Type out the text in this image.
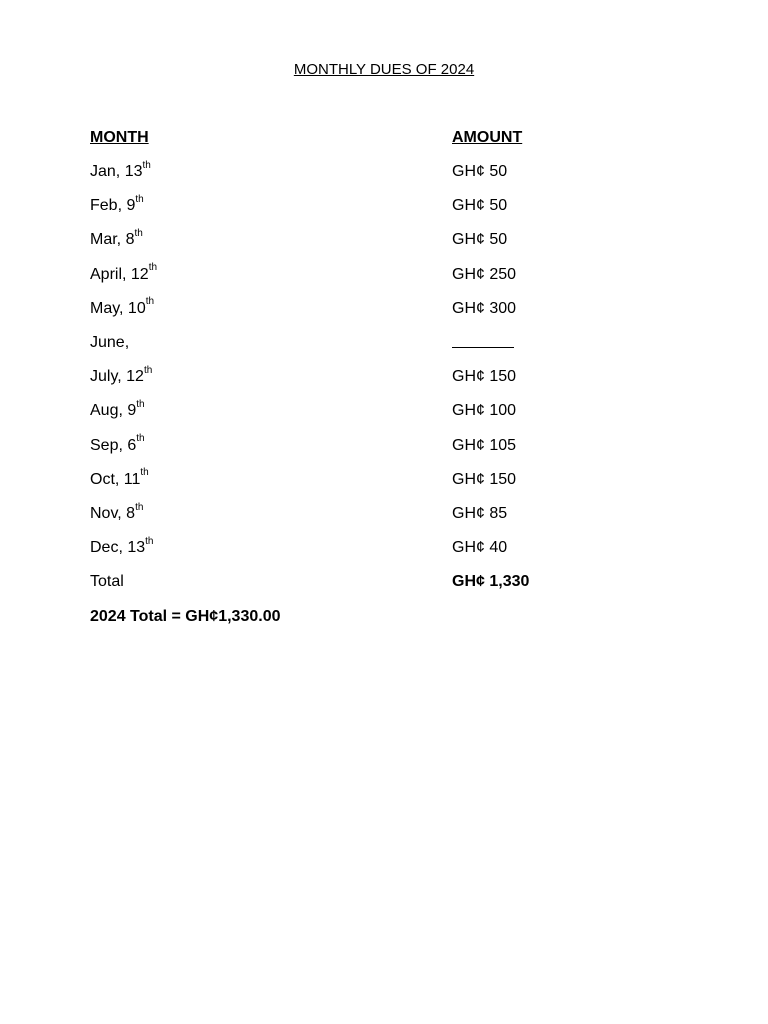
MONTHLY DUES OF 2024
MONTH	AMOUNT
Jan, 13th	GH¢ 50
Feb, 9th	GH¢ 50
Mar, 8th	GH¢ 50
April, 12th	GH¢ 250
May, 10th	GH¢ 300
June,
July, 12th	GH¢ 150
Aug, 9th	GH¢ 100
Sep, 6th	GH¢ 105
Oct, 11th	GH¢ 150
Nov, 8th	GH¢ 85
Dec, 13th	GH¢ 40
Total	GH¢ 1,330
2024 Total = GH¢1,330.00
